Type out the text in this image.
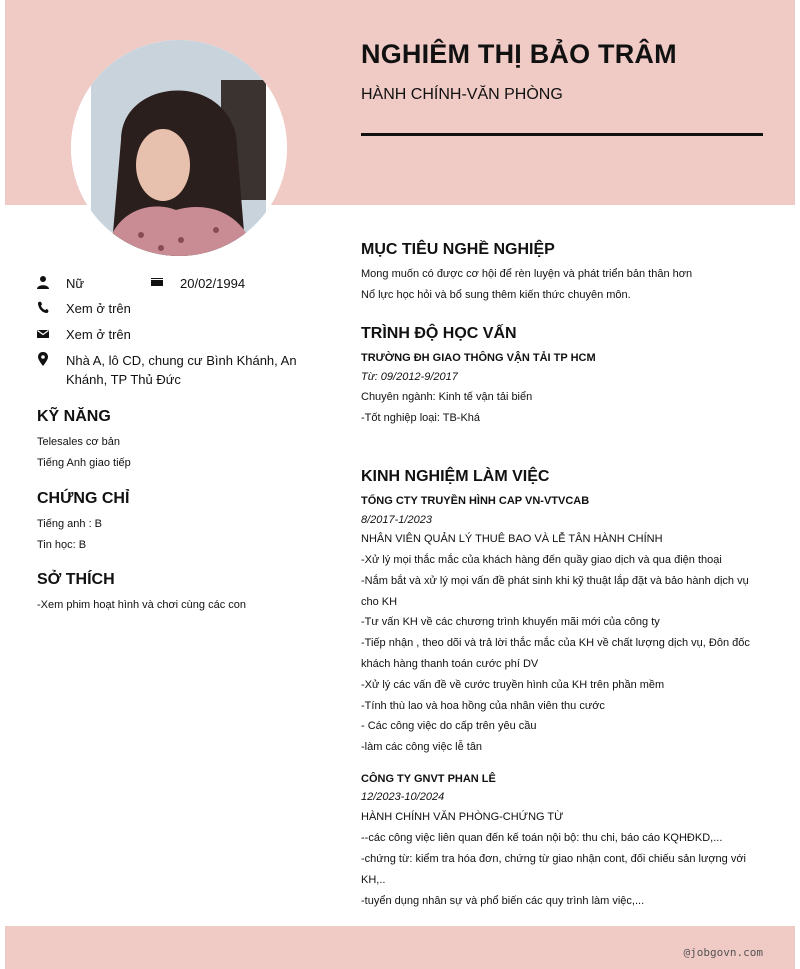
NGHIÊM THỊ BẢO TRÂM
HÀNH CHÍNH-VĂN PHÒNG
Nữ	20/02/1994
Xem ở trên
Xem ở trên
Nhà A, lô CD, chung cư Bình Khánh, An
Khánh, TP Thủ Đức
KỸ NĂNG
Telesales cơ bản
Tiếng Anh giao tiếp
CHỨNG CHỈ
Tiếng anh : B
Tin học: B
SỞ THÍCH
-Xem phim hoạt hình và chơi cùng các con
MỤC TIÊU NGHỀ NGHIỆP
Mong muốn có được cơ hội để rèn luyện và phát triển bản thân hơn
Nổ lực học hỏi và bổ sung thêm kiến thức chuyên môn.
TRÌNH ĐỘ HỌC VẤN
TRƯỜNG ĐH GIAO THÔNG VẬN TẢI TP HCM
Từ: 09/2012-9/2017
Chuyên ngành: Kinh tế vận tải biển
-Tốt nghiệp loại: TB-Khá
KINH NGHIỆM LÀM VIỆC
TỔNG CTY TRUYỀN HÌNH CAP VN-VTVCAB
8/2017-1/2023
NHÂN VIÊN QUẢN LÝ THUÊ BAO VÀ LỄ TÂN HÀNH CHÍNH
-Xử lý mọi thắc mắc của khách hàng đến quầy giao dịch và qua điện thoại
-Nắm bắt và xử lý mọi vấn đề phát sinh khi kỹ thuật lắp đặt và bảo hành dịch vụ
cho KH
-Tư vấn KH về các chương trình khuyến mãi mới của công ty
-Tiếp nhận , theo dõi và trả lời thắc mắc của KH về chất lượng dịch vụ, Đôn đốc
khách hàng thanh toán cước phí DV
-Xử lý các vấn đề về cước truyền hình của KH trên phần mềm
-Tính thù lao và hoa hồng của nhân viên thu cước
- Các công việc do cấp trên yêu cầu
-làm các công việc lễ tân
CÔNG TY GNVT PHAN LÊ
12/2023-10/2024
HÀNH CHÍNH VĂN PHÒNG-CHỨNG TỪ
--các công việc liên quan đến kế toán nội bộ: thu chi, báo cáo KQHĐKD,...
-chứng từ: kiểm tra hóa đơn, chứng từ giao nhận cont, đối chiếu sản lượng với
KH,..
-tuyển dụng nhân sự và phổ biến các quy trình làm việc,...
@jobgovn.com
